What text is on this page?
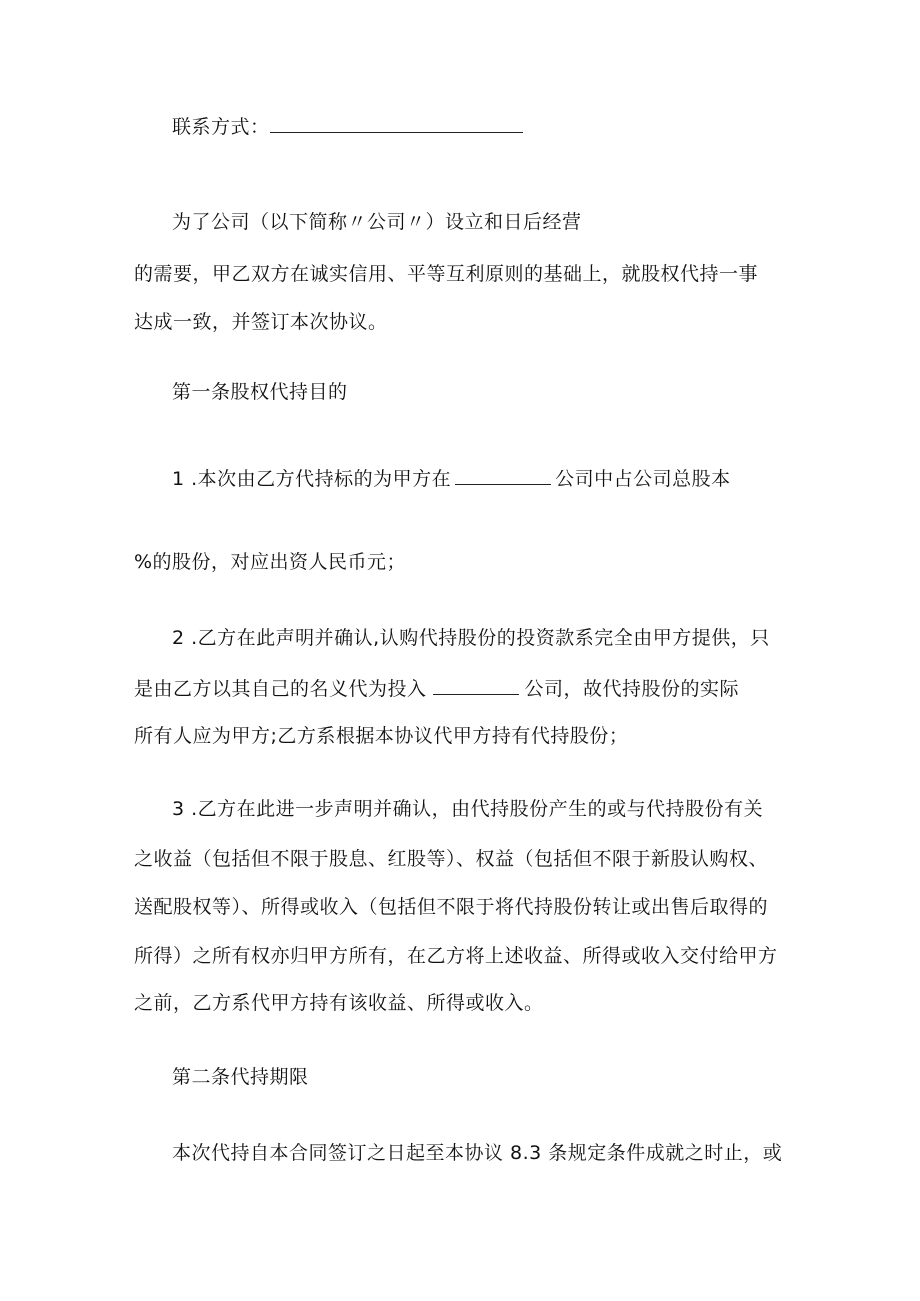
联系方式：
为了公司（以下简称〃公司〃）设立和日后经营
的需要，甲乙双方在诚实信用、平等互利原则的基础上，就股权代持一事
达成一致，并签订本次协议。
第一条股权代持目的
1 .本次由乙方代持标的为甲方在	公司中占公司总股本
%的股份，对应出资人民币元；
2 .乙方在此声明并确认,认购代持股份的投资款系完全由甲方提供，只
是由乙方以其自己的名义代为投入	公司，故代持股份的实际
所有人应为甲方;乙方系根据本协议代甲方持有代持股份；
3 .乙方在此进一步声明并确认，由代持股份产生的或与代持股份有关
之收益（包括但不限于股息、红股等）、权益（包括但不限于新股认购权、
送配股权等）、所得或收入（包括但不限于将代持股份转让或出售后取得的
所得）之所有权亦归甲方所有，在乙方将上述收益、所得或收入交付给甲方
之前，乙方系代甲方持有该收益、所得或收入。
第二条代持期限
本次代持自本合同签订之日起至本协议 8.3 条规定条件成就之时止，或
